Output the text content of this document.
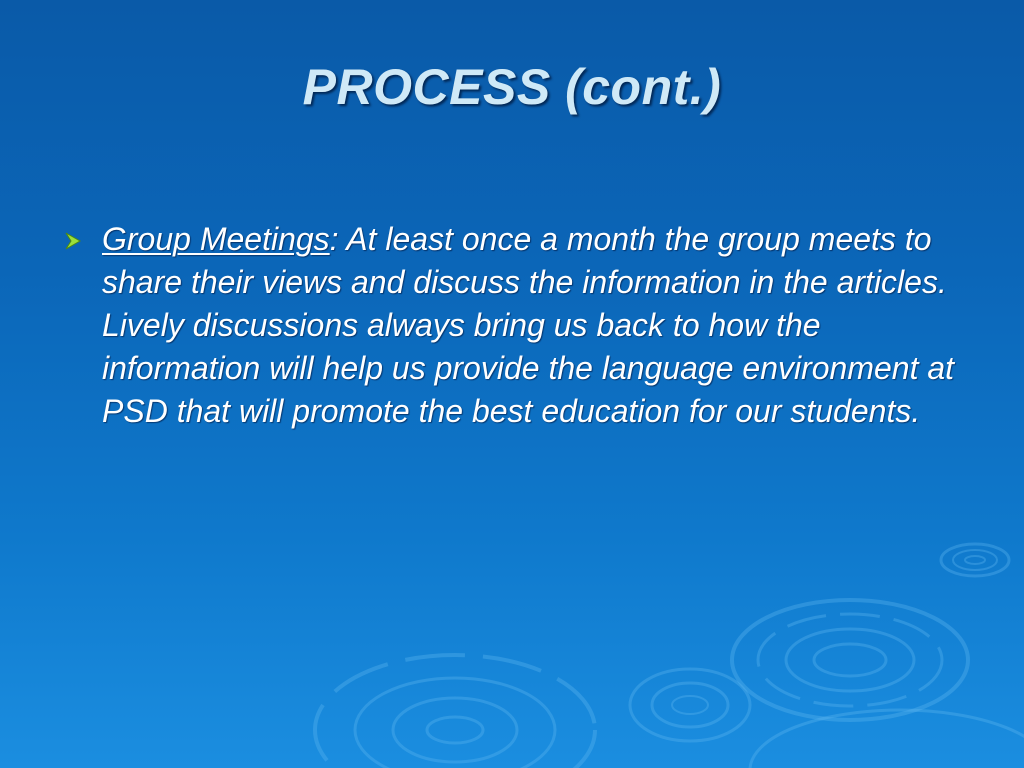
PROCESS (cont.)
Group Meetings: At least once a month the group meets to share their views and discuss the information in the articles. Lively discussions always bring us back to how the information will help us provide the language environment at PSD that will promote the best education for our students.
